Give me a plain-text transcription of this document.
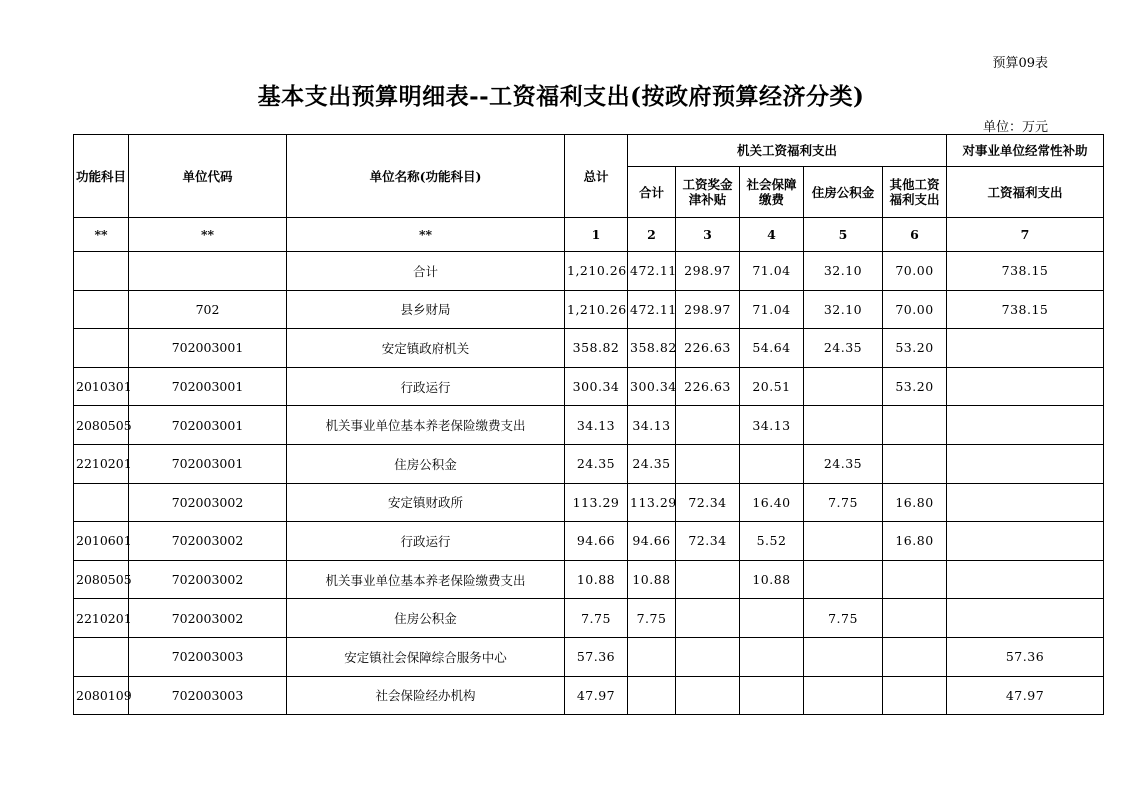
预算09表
基本支出预算明细表--工资福利支出(按政府预算经济分类)
单位：万元
功能科目	单位代码	单位名称(功能科目)	总计	机关工资福利支出					对事业单位经常性补助
				合计	工资奖金津补贴	社会保障缴费	住房公积金	其他工资福利支出	工资福利支出
**	**	**	1	2	3	4	5	6	7
		合计	1,210.26	472.11	298.97	71.04	32.10	70.00	738.15
	702	县乡财局	1,210.26	472.11	298.97	71.04	32.10	70.00	738.15
	702003001	安定镇政府机关	358.82	358.82	226.63	54.64	24.35	53.20	
2010301	702003001	行政运行	300.34	300.34	226.63	20.51		53.20	
2080505	702003001	机关事业单位基本养老保险缴费支出	34.13	34.13		34.13			
2210201	702003001	住房公积金	24.35	24.35			24.35		
	702003002	安定镇财政所	113.29	113.29	72.34	16.40	7.75	16.80	
2010601	702003002	行政运行	94.66	94.66	72.34	5.52		16.80	
2080505	702003002	机关事业单位基本养老保险缴费支出	10.88	10.88		10.88			
2210201	702003002	住房公积金	7.75	7.75			7.75		
	702003003	安定镇社会保障综合服务中心	57.36						57.36
2080109	702003003	社会保险经办机构	47.97						47.97
